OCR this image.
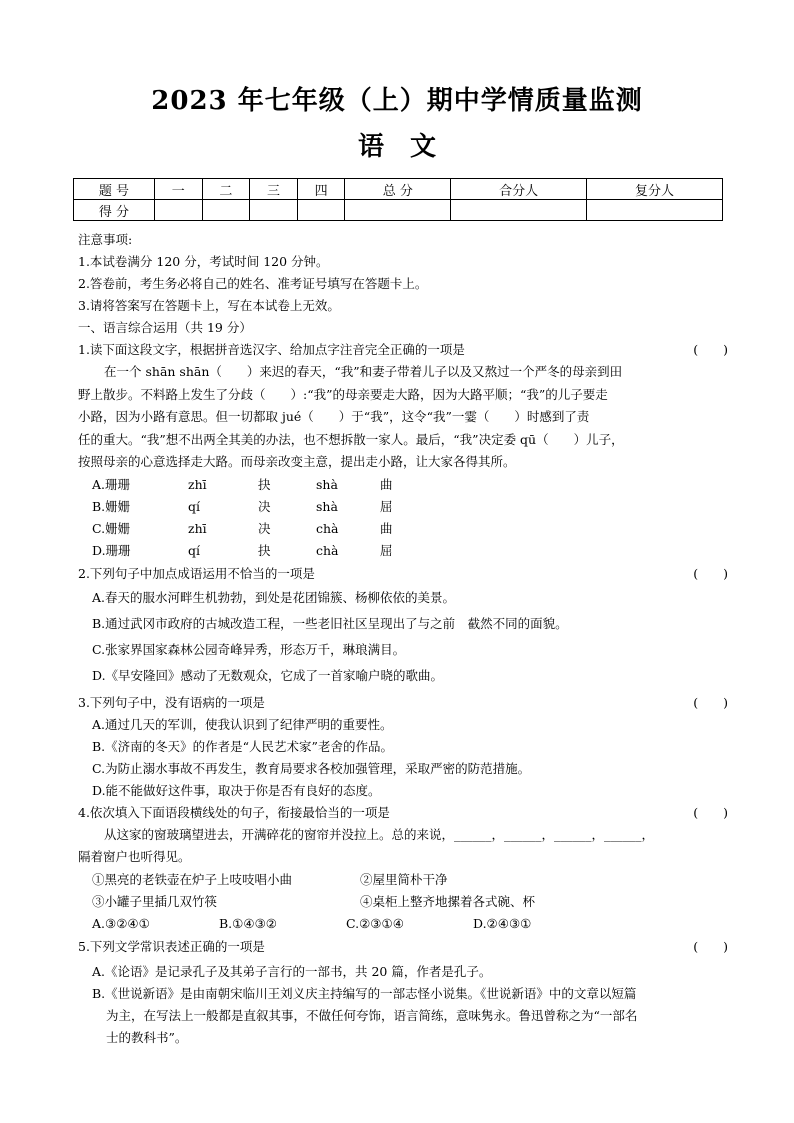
2023 年七年级（上）期中学情质量监测
语　文
题 号	一	二	三	四	总 分	合分人	复分人
得 分							
注意事项:
1.本试卷满分 120 分，考试时间 120 分钟。
2.答卷前，考生务必将自己的姓名、准考证号填写在答题卡上。
3.请将答案写在答题卡上，写在本试卷上无效。
一、语言综合运用（共 19 分）
1.读下面这段文字，根据拼音选汉字、给加点字注音完全正确的一项是	(　　)
在一个 shān shān（　　）来迟的春天，“我”和妻子带着儿子以及又熬过一个严冬的母亲到田
野上散步。不料路上发生了分歧（　　）:“我”的母亲要走大路，因为大路平顺；“我”的儿子要走
小路，因为小路有意思。但一切都取 jué（　　）于“我”，这令“我”一霎（　　）时感到了责
任的重大。“我”想不出两全其美的办法，也不想拆散一家人。最后，“我”决定委 qū（　　）儿子，
按照母亲的心意选择走大路。而母亲改变主意，提出走小路，让大家各得其所。
A.珊珊	zhī	抉	shà	曲
B.姗姗	qí	决	shà	屈
C.姗姗	zhī	决	chà	曲
D.珊珊	qí	抉	chà	屈
2.下列句子中加点成语运用不恰当的一项是	(　　)
A.春天的服水河畔生机勃勃，到处是花团锦簇、杨柳依依的美景。
B.通过武冈市政府的古城改造工程，一些老旧社区呈现出了与之前　截然不同的面貌。
C.张家界国家森林公园奇峰异秀，形态万千，琳琅满目。
D.《早安隆回》感动了无数观众，它成了一首家喻户晓的歌曲。
3.下列句子中，没有语病的一项是	(　　)
A.通过几天的军训，使我认识到了纪律严明的重要性。
B.《济南的冬天》的作者是“人民艺术家”老舍的作品。
C.为防止溺水事故不再发生，教育局要求各校加强管理，采取严密的防范措施。
D.能不能做好这件事，取决于你是否有良好的态度。
4.依次填入下面语段横线处的句子，衔接最恰当的一项是	(　　)
从这家的窗玻璃望进去，开满碎花的窗帘并没拉上。总的来说，______，______，______，______，
隔着窗户也听得见。
①黑亮的老铁壶在炉子上吱吱唱小曲	②屋里简朴干净
③小罐子里插几双竹筷	④桌柜上整齐地摞着各式碗、杯
A.③②④①	B.①④③②	C.②③①④	D.②④③①
5.下列文学常识表述正确的一项是	(　　)
A.《论语》是记录孔子及其弟子言行的一部书，共 20 篇，作者是孔子。
B.《世说新语》是由南朝宋临川王刘义庆主持编写的一部志怪小说集。《世说新语》中的文章以短篇
为主，在写法上一般都是直叙其事，不做任何夸饰，语言简练，意味隽永。鲁迅曾称之为“一部名
士的教科书”。
